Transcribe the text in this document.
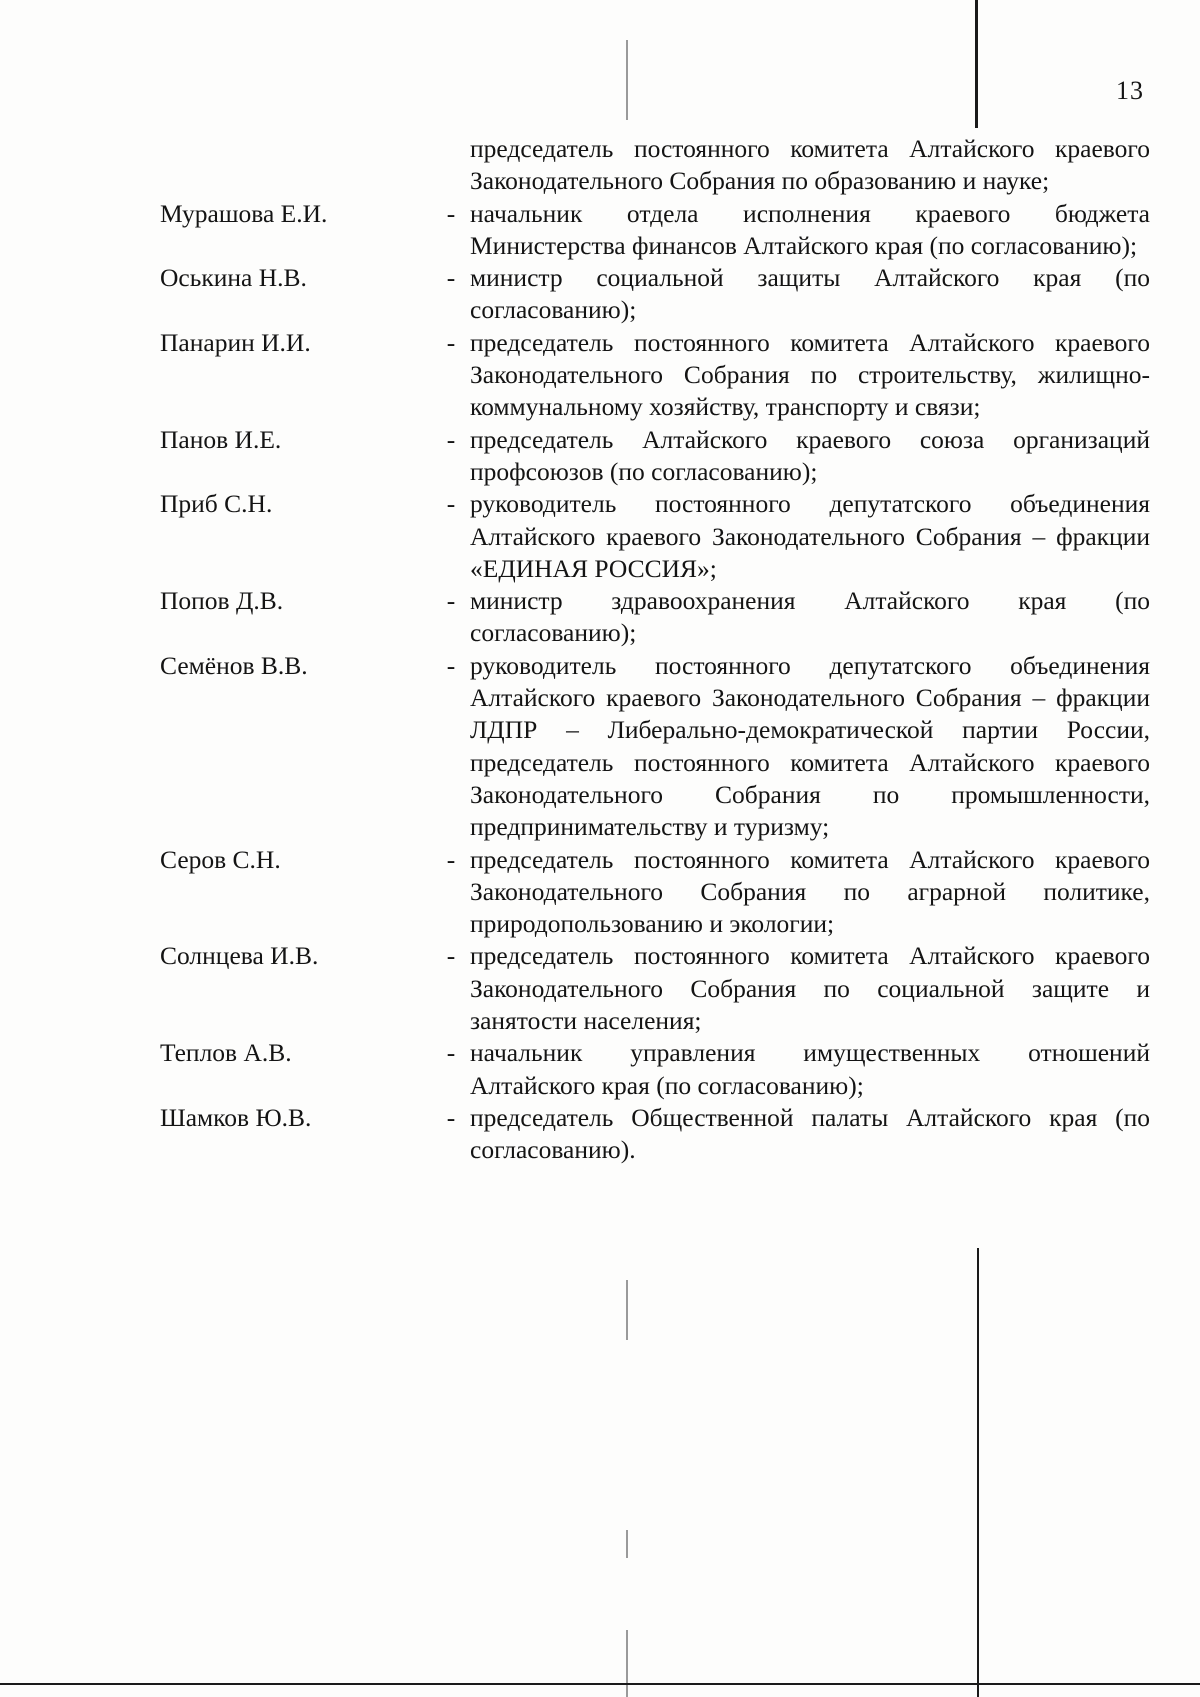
13
председатель постоянного комитета Алтайского краевого Законодательного Собрания по образованию и науке;
Мурашова Е.И.	- начальник отдела исполнения краевого бюджета Министерства финансов Алтайского края (по согласованию);
Оськина Н.В.	- министр социальной защиты Алтайского края (по согласованию);
Панарин И.И.	- председатель постоянного комитета Алтайского краевого Законодательного Собрания по строительству, жилищно-коммунальному хозяйству, транспорту и связи;
Панов И.Е.	- председатель Алтайского краевого союза организаций профсоюзов (по согласованию);
Приб С.Н.	- руководитель постоянного депутатского объединения Алтайского краевого Законодательного Собрания – фракции «ЕДИНАЯ РОССИЯ»;
Попов Д.В.	- министр здравоохранения Алтайского края (по согласованию);
Семёнов В.В.	- руководитель постоянного депутатского объединения Алтайского краевого Законодательного Собрания – фракции ЛДПР – Либерально-демократической партии России, председатель постоянного комитета Алтайского краевого Законодательного Собрания по промышленности, предпринимательству и туризму;
Серов С.Н.	- председатель постоянного комитета Алтайского краевого Законодательного Собрания по аграрной политике, природопользованию и экологии;
Солнцева И.В.	- председатель постоянного комитета Алтайского краевого Законодательного Собрания по социальной защите и занятости населения;
Теплов А.В.	- начальник управления имущественных отношений Алтайского края (по согласованию);
Шамков Ю.В.	- председатель Общественной палаты Алтайского края (по согласованию).
